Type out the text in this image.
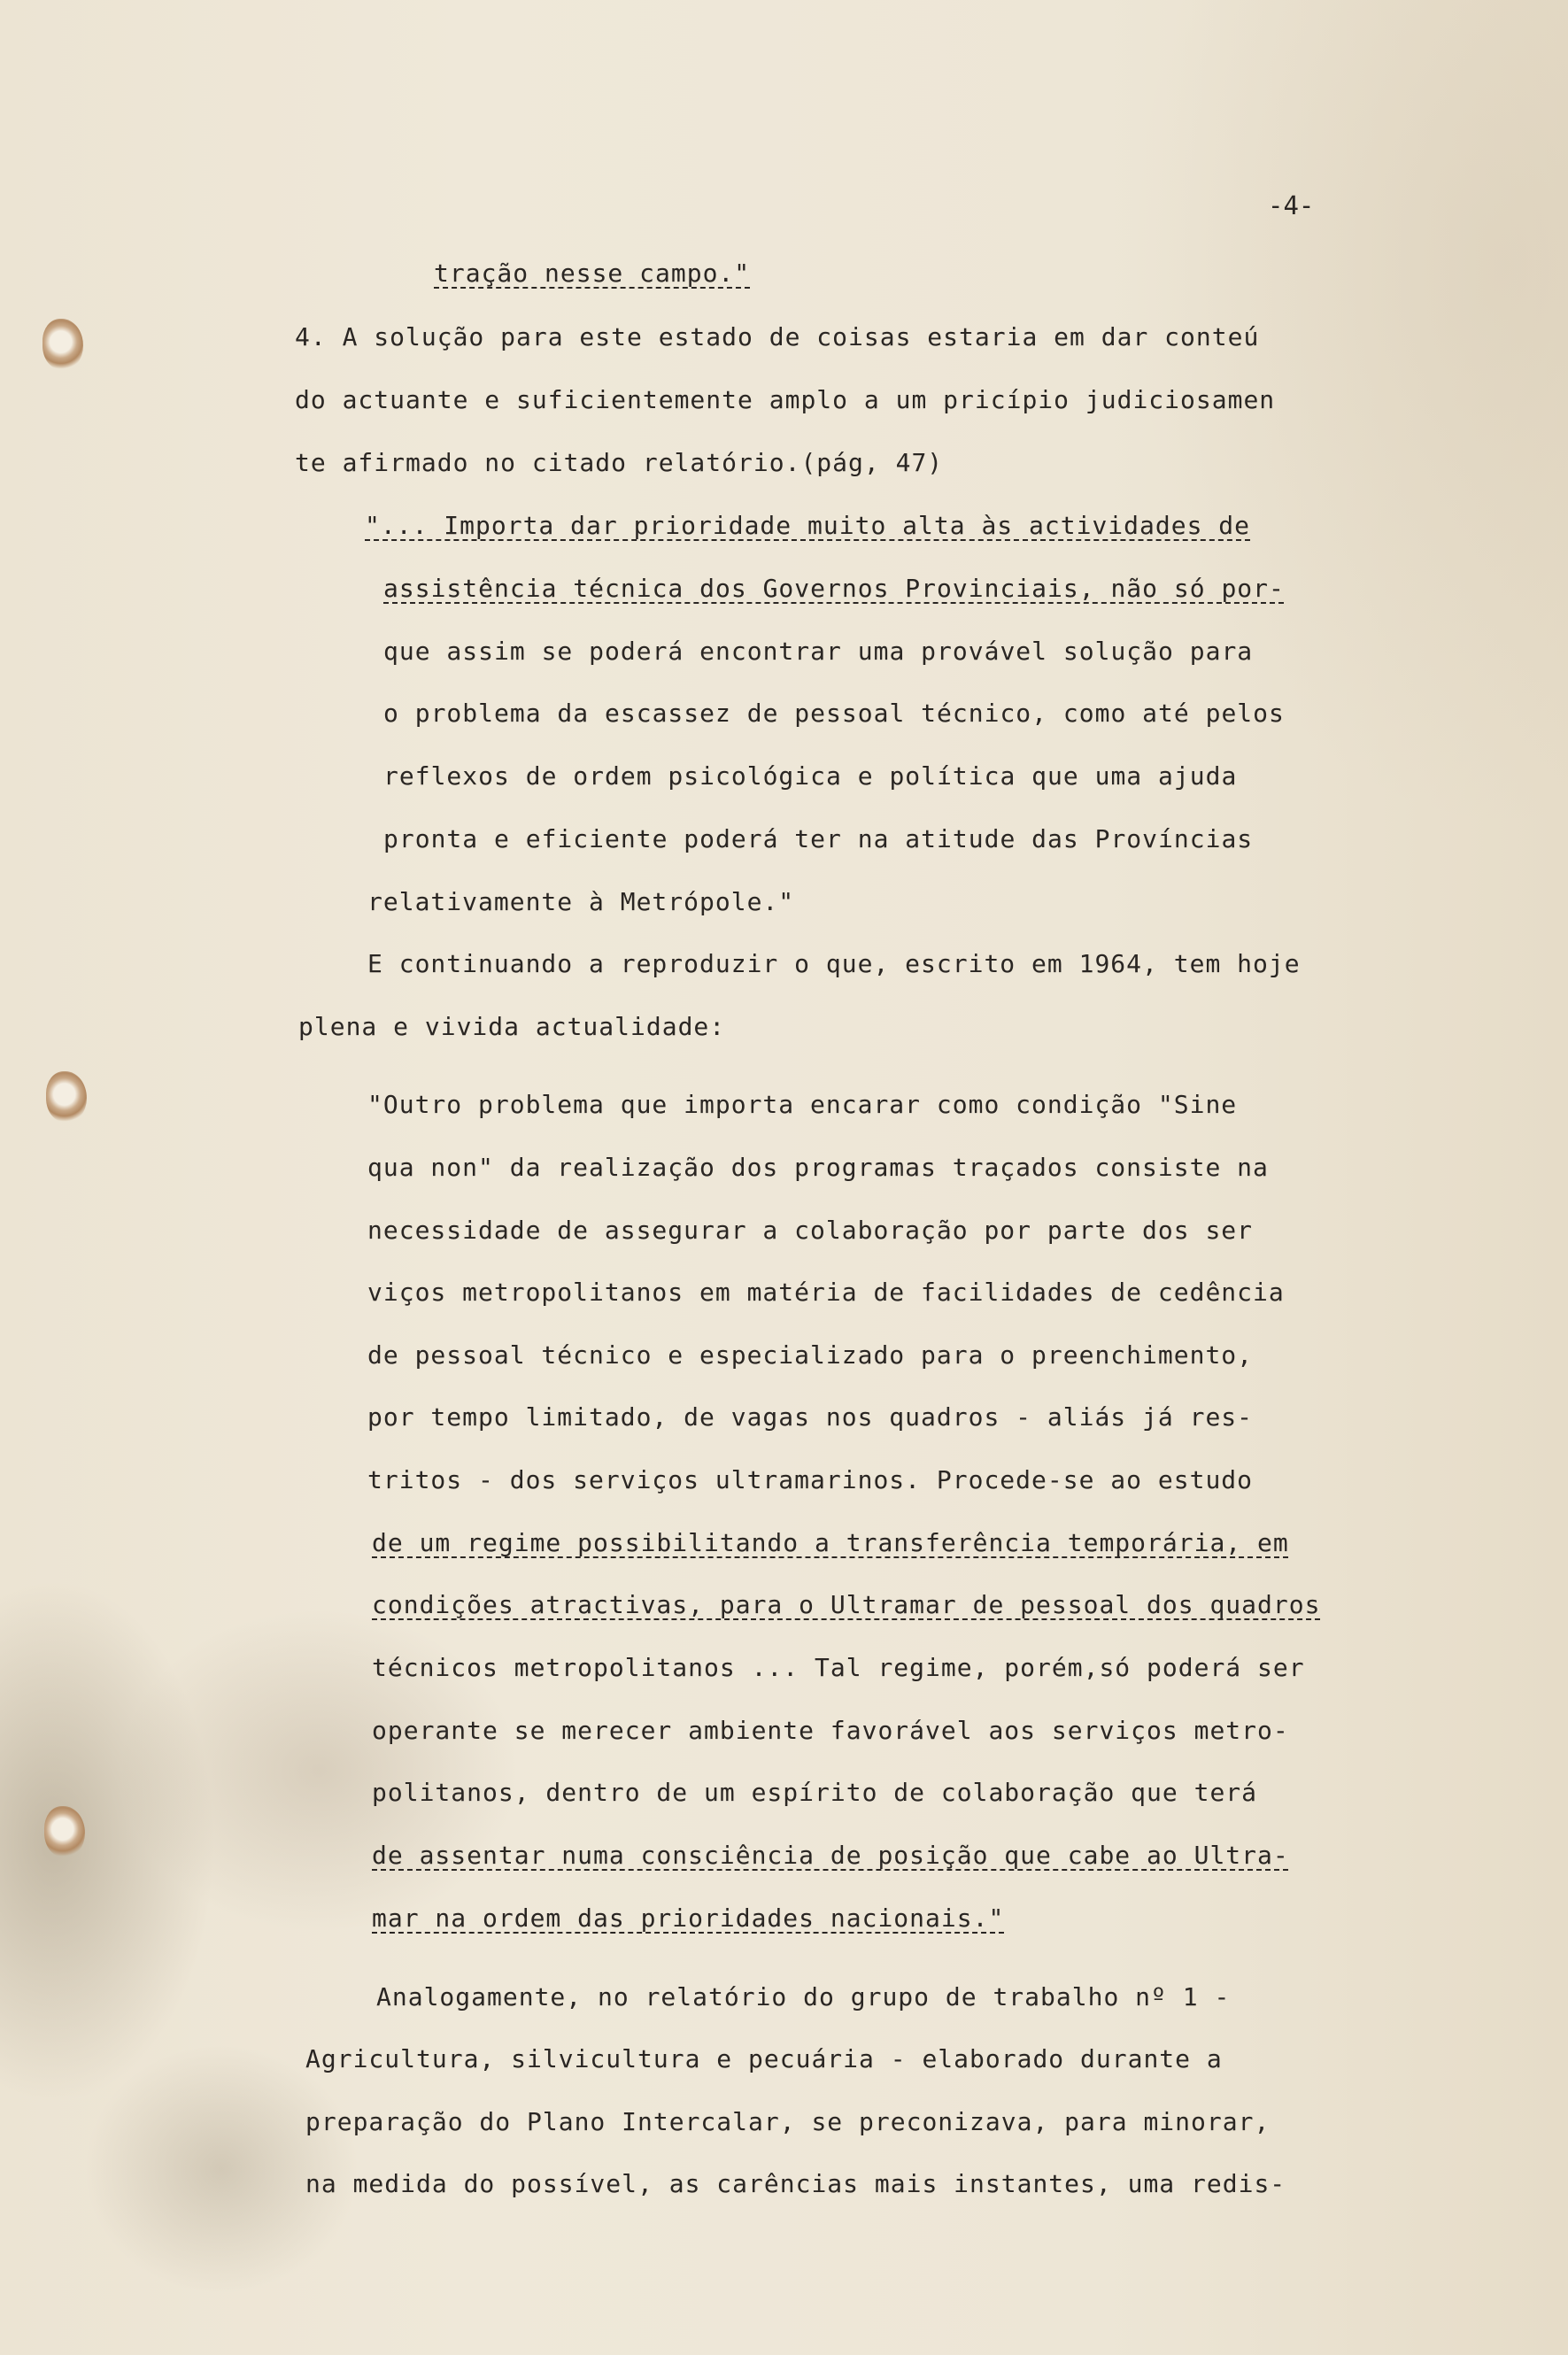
-4-

tração nesse campo."

4. A solução para este estado de coisas estaria em dar conteú

do actuante e suficientemente amplo a um pricípio judiciosamen

te afirmado no citado relatório.(pág, 47)

"... Importa dar prioridade muito alta às actividades de

assistência técnica dos Governos Provinciais, não só por-

que assim se poderá encontrar uma provável solução para

o problema da escassez de pessoal técnico, como até pelos

reflexos de ordem psicológica e política que uma ajuda

pronta e eficiente poderá ter na atitude das Províncias

relativamente à Metrópole."

E continuando a reproduzir o que, escrito em 1964, tem hoje

plena e vivida actualidade:

"Outro problema que importa encarar como condição "Sine

qua non" da realização dos programas traçados consiste na

necessidade de assegurar a colaboração por parte dos ser

viços metropolitanos em matéria de facilidades de cedência

de pessoal técnico e especializado para o preenchimento,

por tempo limitado, de vagas nos quadros - aliás já res-

tritos - dos serviços ultramarinos. Procede-se ao estudo

de um regime possibilitando a transferência temporária, em

condições atractivas, para o Ultramar de pessoal dos quadros

técnicos metropolitanos ... Tal regime, porém,só poderá ser

operante se merecer ambiente favorável aos serviços metro-

politanos, dentro de um espírito de colaboração que terá

de assentar numa consciência de posição que cabe ao Ultra-

mar na ordem das prioridades nacionais."

Analogamente, no relatório do grupo de trabalho nº 1 -

Agricultura, silvicultura e pecuária - elaborado durante a

preparação do Plano Intercalar, se preconizava, para minorar,

na medida do possível, as carências mais instantes, uma redis-
